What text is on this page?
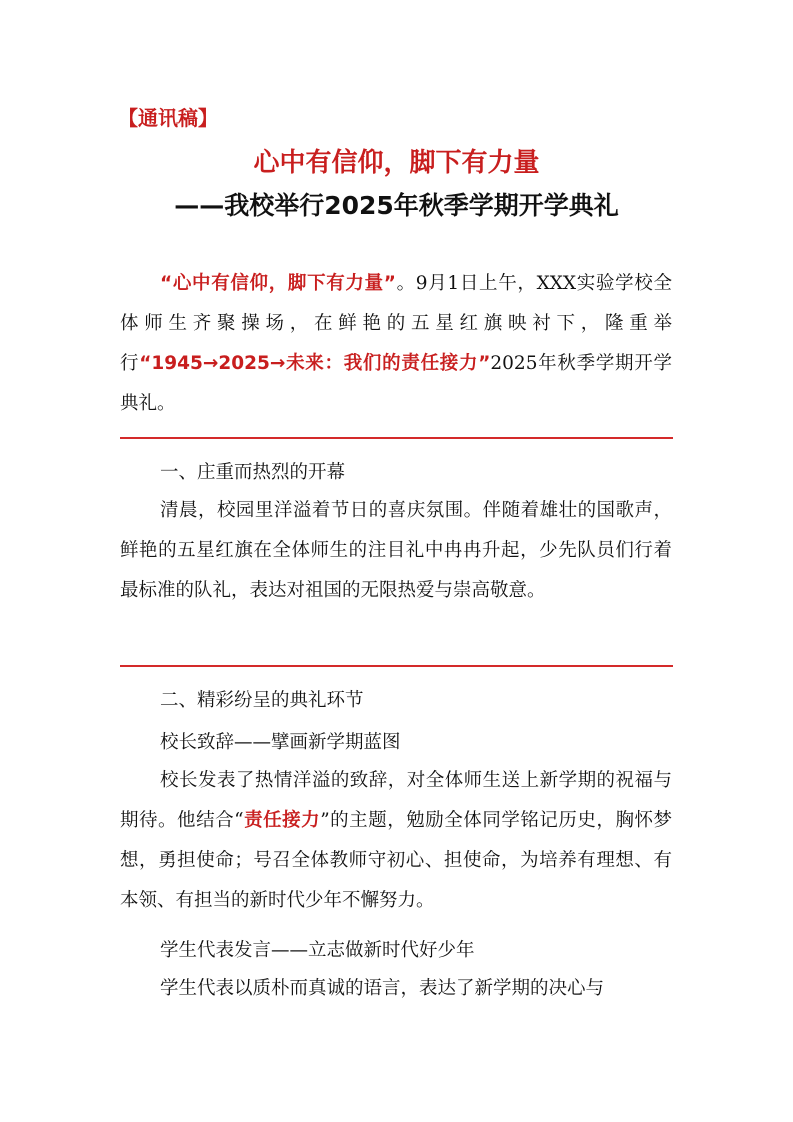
【通讯稿】
心中有信仰，脚下有力量
——我校举行2025年秋季学期开学典礼
“心中有信仰，脚下有力量”。9月1日上午，XXX实验学校全体师生齐聚操场，在鲜艳的五星红旗映衬下，隆重举行“1945→2025→未来：我们的责任接力”2025年秋季学期开学典礼。
一、庄重而热烈的开幕
清晨，校园里洋溢着节日的喜庆氛围。伴随着雄壮的国歌声，鲜艳的五星红旗在全体师生的注目礼中冉冉升起，少先队员们行着最标准的队礼，表达对祖国的无限热爱与崇高敬意。
二、精彩纷呈的典礼环节
校长致辞——擘画新学期蓝图
校长发表了热情洋溢的致辞，对全体师生送上新学期的祝福与期待。他结合“责任接力”的主题，勉励全体同学铭记历史，胸怀梦想，勇担使命；号召全体教师守初心、担使命，为培养有理想、有本领、有担当的新时代少年不懈努力。
学生代表发言——立志做新时代好少年
学生代表以质朴而真诚的语言，表达了新学期的决心与
